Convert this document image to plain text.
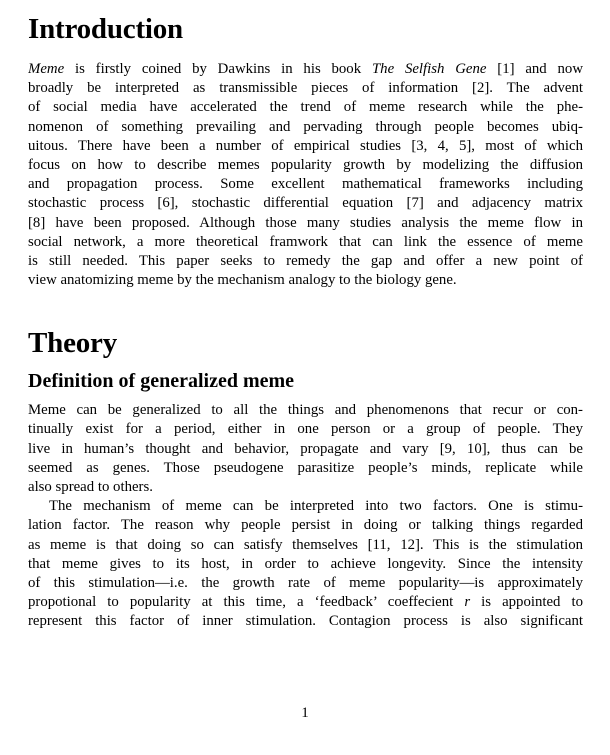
Introduction
Meme is firstly coined by Dawkins in his book The Selfish Gene [1] and now
broadly be interpreted as transmissible pieces of information [2]. The advent
of social media have accelerated the trend of meme research while the phe-
nomenon of something prevailing and pervading through people becomes ubiq-
uitous. There have been a number of empirical studies [3, 4, 5], most of which
focus on how to describe memes popularity growth by modelizing the diffusion
and propagation process. Some excellent mathematical frameworks including
stochastic process [6], stochastic differential equation [7] and adjacency matrix
[8] have been proposed. Although those many studies analysis the meme flow in
social network, a more theoretical framwork that can link the essence of meme
is still needed. This paper seeks to remedy the gap and offer a new point of
view anatomizing meme by the mechanism analogy to the biology gene.
Theory
Definition of generalized meme
Meme can be generalized to all the things and phenomenons that recur or con-
tinually exist for a period, either in one person or a group of people. They
live in human’s thought and behavior, propagate and vary [9, 10], thus can be
seemed as genes. Those pseudogene parasitize people’s minds, replicate while
also spread to others.
The mechanism of meme can be interpreted into two factors. One is stimu-
lation factor. The reason why people persist in doing or talking things regarded
as meme is that doing so can satisfy themselves [11, 12]. This is the stimulation
that meme gives to its host, in order to achieve longevity. Since the intensity
of this stimulation—i.e. the growth rate of meme popularity—is approximately
propotional to popularity at this time, a ‘feedback’ coeffecient r is appointed to
represent this factor of inner stimulation. Contagion process is also significant
1
